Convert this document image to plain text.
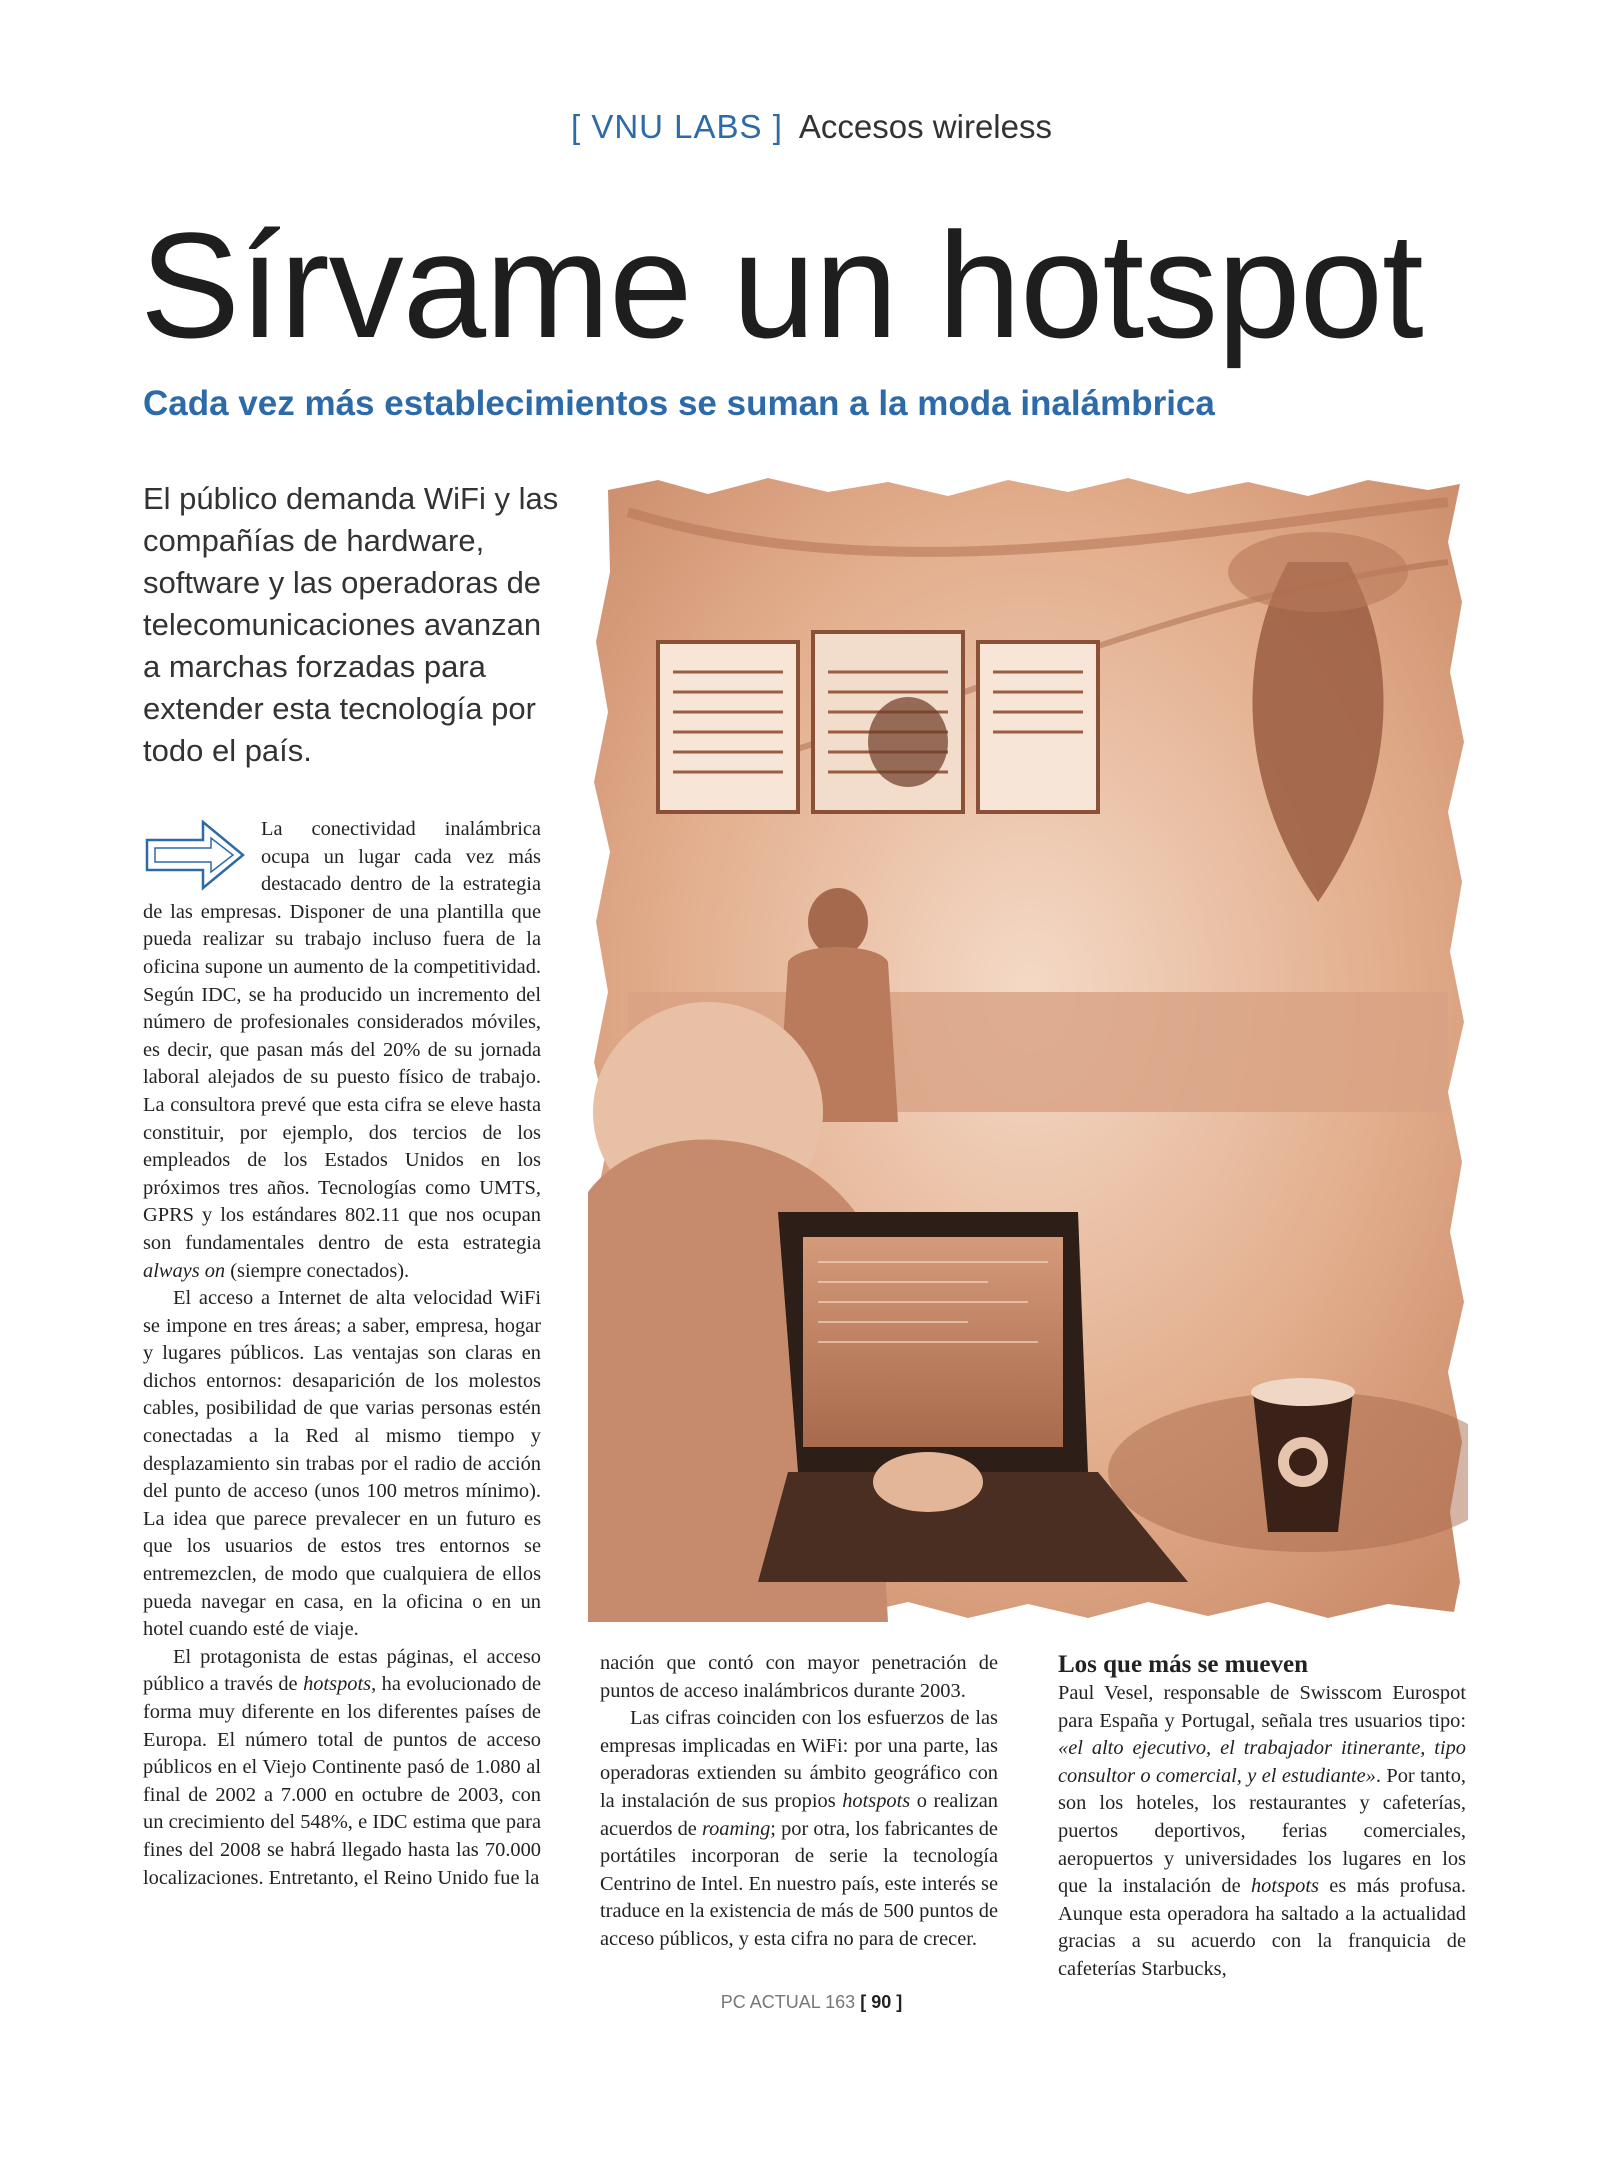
[ VNU LABS ] Accesos wireless
Sírvame un hotspot
Cada vez más establecimientos se suman a la moda inalámbrica

El público demanda WiFi y las compañías de hardware, software y las operadoras de telecomunicaciones avanzan a marchas forzadas para extender esta tecnología por todo el país.

La conectividad inalámbrica ocupa un lugar cada vez más destacado dentro de la estrategia de las empresas. Disponer de una plantilla que pueda realizar su trabajo incluso fuera de la oficina supone un aumento de la competitividad. Según IDC, se ha producido un incremento del número de profesionales considerados móviles, es decir, que pasan más del 20% de su jornada laboral alejados de su puesto físico de trabajo. La consultora prevé que esta cifra se eleve hasta constituir, por ejemplo, dos tercios de los empleados de los Estados Unidos en los próximos tres años. Tecnologías como UMTS, GPRS y los estándares 802.11 que nos ocupan son fundamentales dentro de esta estrategia always on (siempre conectados).

El acceso a Internet de alta velocidad WiFi se impone en tres áreas; a saber, empresa, hogar y lugares públicos. Las ventajas son claras en dichos entornos: desaparición de los molestos cables, posibilidad de que varias personas estén conectadas a la Red al mismo tiempo y desplazamiento sin trabas por el radio de acción del punto de acceso (unos 100 metros mínimo). La idea que parece prevalecer en un futuro es que los usuarios de estos tres entornos se entremezclen, de modo que cualquiera de ellos pueda navegar en casa, en la oficina o en un hotel cuando esté de viaje.

El protagonista de estas páginas, el acceso público a través de hotspots, ha evolucionado de forma muy diferente en los diferentes países de Europa. El número total de puntos de acceso públicos en el Viejo Continente pasó de 1.080 al final de 2002 a 7.000 en octubre de 2003, con un crecimiento del 548%, e IDC estima que para fines del 2008 se habrá llegado hasta las 70.000 localizaciones. Entretanto, el Reino Unido fue la

nación que contó con mayor penetración de puntos de acceso inalámbricos durante 2003.

Las cifras coinciden con los esfuerzos de las empresas implicadas en WiFi: por una parte, las operadoras extienden su ámbito geográfico con la instalación de sus propios hotspots o realizan acuerdos de roaming; por otra, los fabricantes de portátiles incorporan de serie la tecnología Centrino de Intel. En nuestro país, este interés se traduce en la existencia de más de 500 puntos de acceso públicos, y esta cifra no para de crecer.

Los que más se mueven

Paul Vesel, responsable de Swisscom Eurospot para España y Portugal, señala tres usuarios tipo: «el alto ejecutivo, el trabajador itinerante, tipo consultor o comercial, y el estudiante». Por tanto, son los hoteles, los restaurantes y cafeterías, puertos deportivos, ferias comerciales, aeropuertos y universidades los lugares en los que la instalación de hotspots es más profusa. Aunque esta operadora ha saltado a la actualidad gracias a su acuerdo con la franquicia de cafeterías Starbucks,

PC ACTUAL 163 [ 90 ]
